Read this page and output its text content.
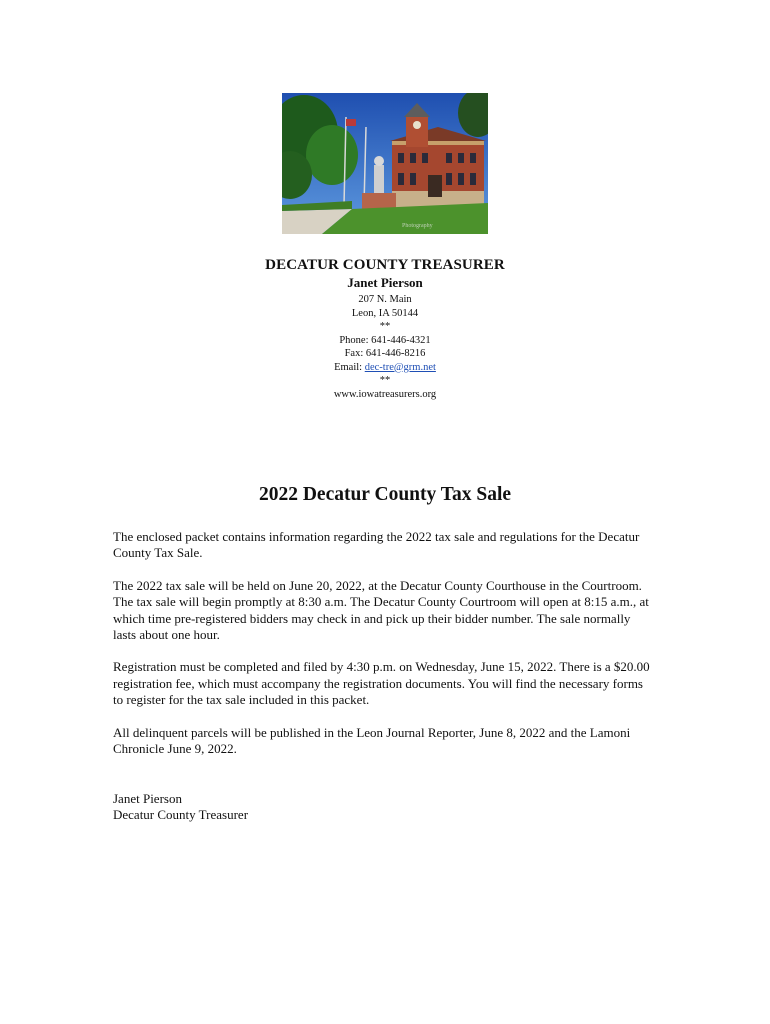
Photography

DECATUR COUNTY TREASURER

Janet Pierson

207 N. Main

Leon, IA 50144

**

Phone: 641-446-4321

Fax: 641-446-8216

Email: dec-tre@grm.net

**

www.iowatreasurers.org

2022 Decatur County Tax Sale

The enclosed packet contains information regarding the 2022 tax sale and regulations for the Decatur County Tax Sale.

The 2022 tax sale will be held on June 20, 2022, at the Decatur County Courthouse in the Courtroom. The tax sale will begin promptly at 8:30 a.m. The Decatur County Courtroom will open at 8:15 a.m., at which time pre-registered bidders may check in and pick up their bidder number. The sale normally lasts about one hour.

Registration must be completed and filed by 4:30 p.m. on Wednesday, June 15, 2022. There is a $20.00 registration fee, which must accompany the registration documents. You will find the necessary forms to register for the tax sale included in this packet.

All delinquent parcels will be published in the Leon Journal Reporter, June 8, 2022 and the Lamoni Chronicle June 9, 2022.

Janet Pierson
Decatur County Treasurer
